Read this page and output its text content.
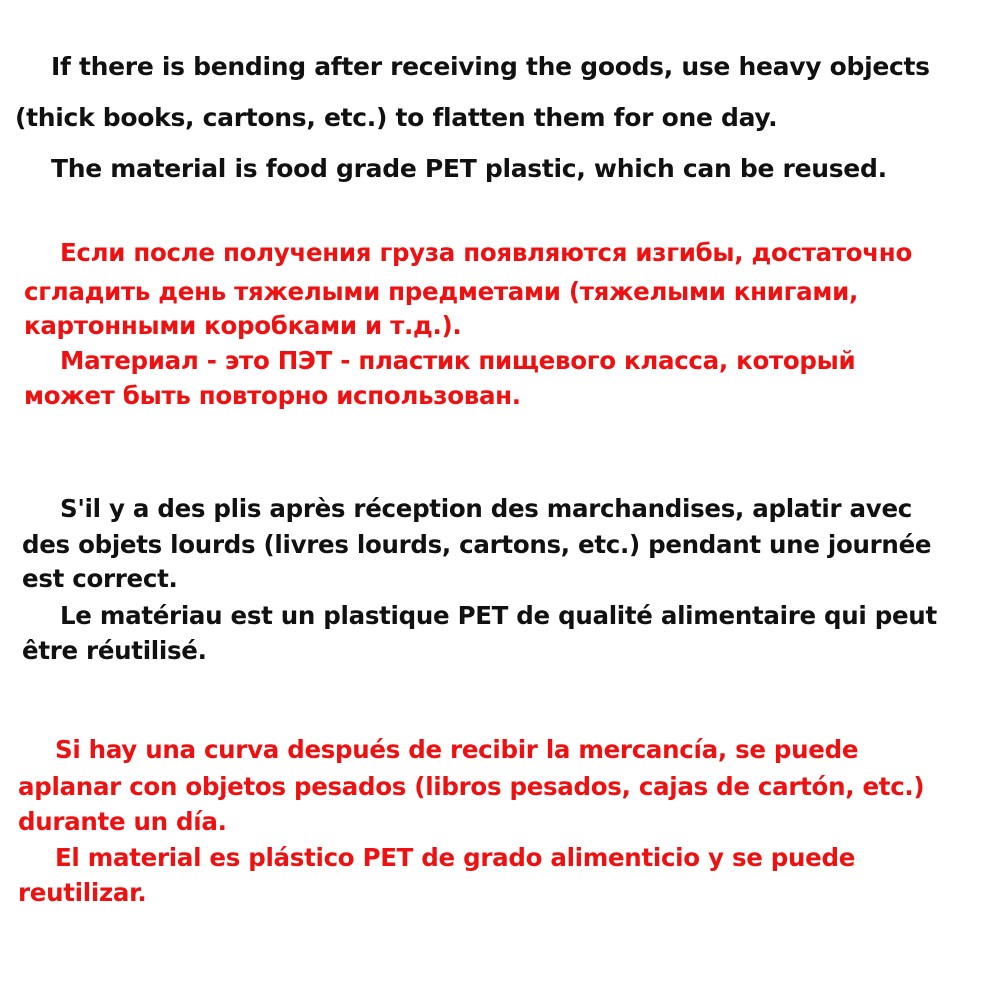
If there is bending after receiving the goods, use heavy objects
(thick books, cartons, etc.) to flatten them for one day.
The material is food grade PET plastic, which can be reused.
Если после получения груза появляются изгибы, достаточно
сгладить день тяжелыми предметами (тяжелыми книгами,
картонными коробками и т.д.).
Материал - это ПЭТ - пластик пищевого класса, который
может быть повторно использован.
S'il y a des plis après réception des marchandises, aplatir avec
des objets lourds (livres lourds, cartons, etc.) pendant une journée
est correct.
Le matériau est un plastique PET de qualité alimentaire qui peut
être réutilisé.
Si hay una curva después de recibir la mercancía, se puede
aplanar con objetos pesados (libros pesados, cajas de cartón, etc.)
durante un día.
El material es plástico PET de grado alimenticio y se puede
reutilizar.
